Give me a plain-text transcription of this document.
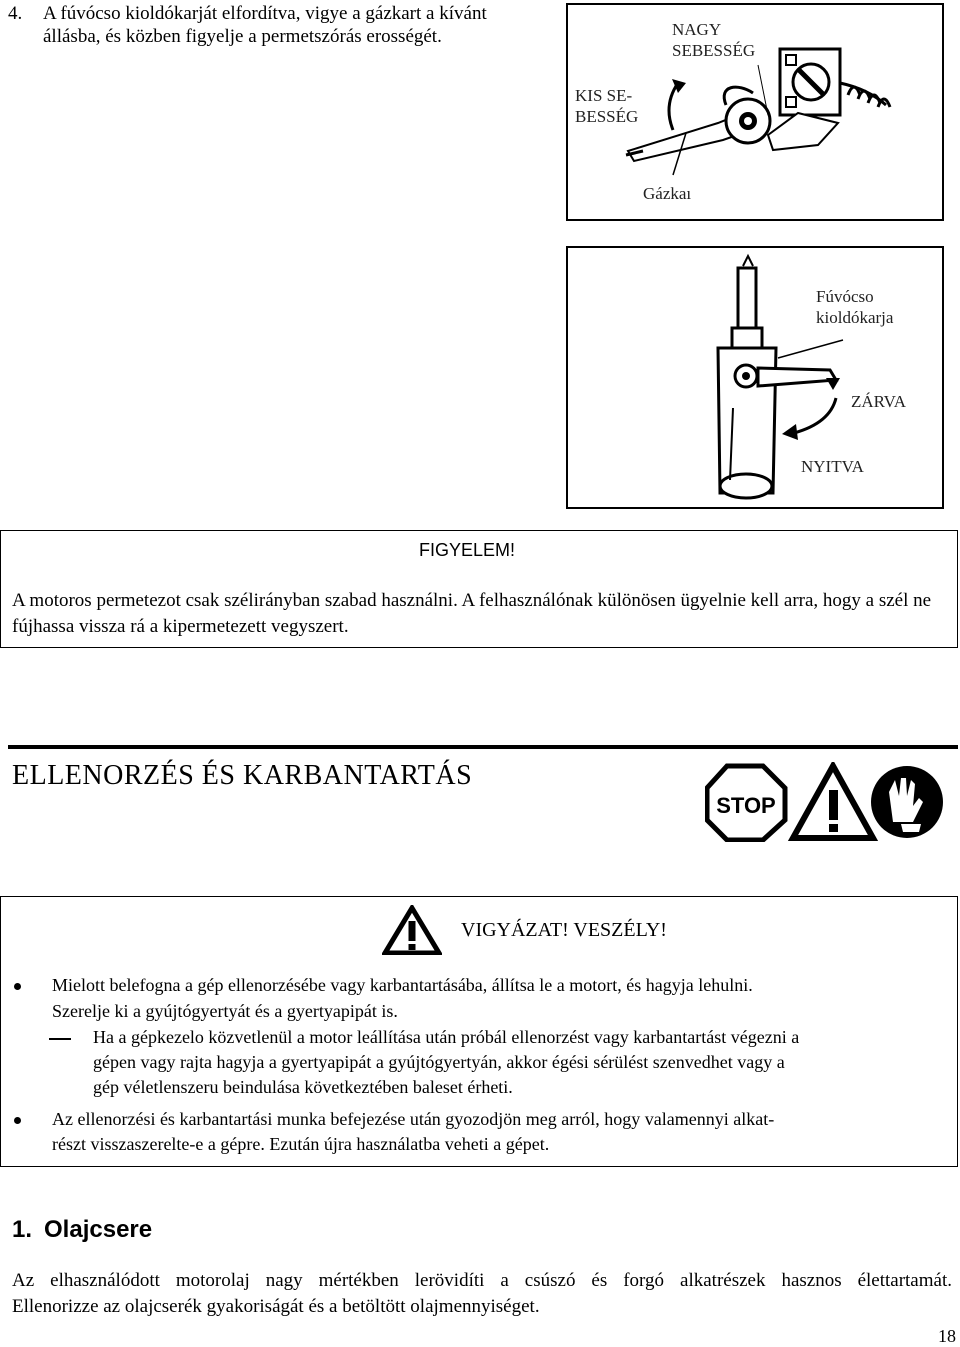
4. A fúvócso kioldókarját elfordítva, vigye a gázkart a kívánt állásba, és közben figyelje a permetszórás erosségét.	NAGY SEBESSÉG
KIS SE- BESSÉG
Gázkaı
Fúvócso kioldókarja
ZÁRVA
NYITVA
FIGYELEM!
A motoros permetezot csak szélirányban szabad használni. A felhasználónak különösen ügyelnie kell arra, hogy a szél ne fújhassa vissza rá a kipermetezett vegyszert.
ELLENORZÉS ÉS KARBANTARTÁS
STOP
VIGYÁZAT! VESZÉLY!
Mielott belefogna a gép ellenorzésébe vagy karbantartásába, állítsa le a motort, és hagyja lehulni.
Szerelje ki a gyújtógyertyát és a gyertyapipát is.
Ha a gépkezelo közvetlenül a motor leállítása után próbál ellenorzést vagy karbantartást végezni a
gépen vagy rajta hagyja a gyertyapipát a gyújtógyertyán, akkor égési sérülést szenvedhet vagy a
gép véletlenszeru beindulása következtében baleset érheti.
Az ellenorzési és karbantartási munka befejezése után gyozodjön meg arról, hogy valamennyi alkat-
részt visszaszerelte-e a gépre. Ezután újra használatba veheti a gépet.
1. Olajcsere
Az elhasználódott motorolaj nagy mértékben lerövidíti a csúszó és forgó alkatrészek hasznos élettartamát.
Ellenorizze az olajcserék gyakoriságát és a betöltött olajmennyiséget.
18
